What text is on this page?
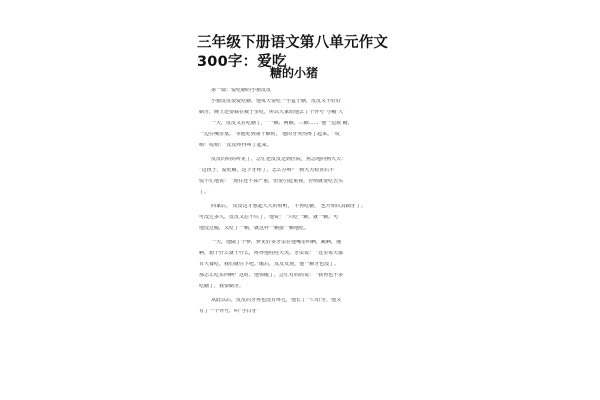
三年级下册语文第八单元作文 300字：爱吃
糖的小猪
第一篇：爱吃糖的小猪皮皮
小猪皮皮很爱吃糖，他每天要吃一小盒子糖，皮皮又不好好
刷牙，晚上还要躲在被子里吃，所以大家给他去了个外号“小糖 人”
一天，皮皮又在吃糖了，“一颗、两颗、三颗……”他一边数 糖，
一边往嘴里塞。 等他吃到第十颗时， 他的牙突然疼了起来。“哎
呦！哎呦！”皮皮疼得叫了起来。
皮皮的妈妈听见了，急忙把皮皮送到医院，焦急地问狗大夫：
“这孩子，爱吃糖，这下牙疼了，怎么办呀？”狗大夫检查后不
慌不忙地说： “现在还不算严重，但要引起重视，否则就要吃苦头
了。”
回家后， 皮皮这才想起大夫的吩咐， 不再吃糖， 也开始认真刷牙了。
可没过多久，皮皮又忍不住了，他说： “只吃一颗，就一颗。”可
他没过瘾，又吃了一颗，就这样一颗接一颗地吃。
一天，他做了个梦，梦见好多牙虫在他嘴里叫啊，跳啊，撞
啊，想干什么就干什么，疼得他哇哇大哭。牙虫说： “这里每天都
有大餐吃，我们就住下吧。”醒后，皮皮发现，他一颗牙也没了。
那怎么吃东西啊？这时，他惊醒了，急忙对妈妈说： “我再也不多
吃糖了，我要刷牙。 ”
从此以后，皮皮的牙再也没有疼过，他长了一口好牙，他又
有了一个外号，叫“小白牙”
